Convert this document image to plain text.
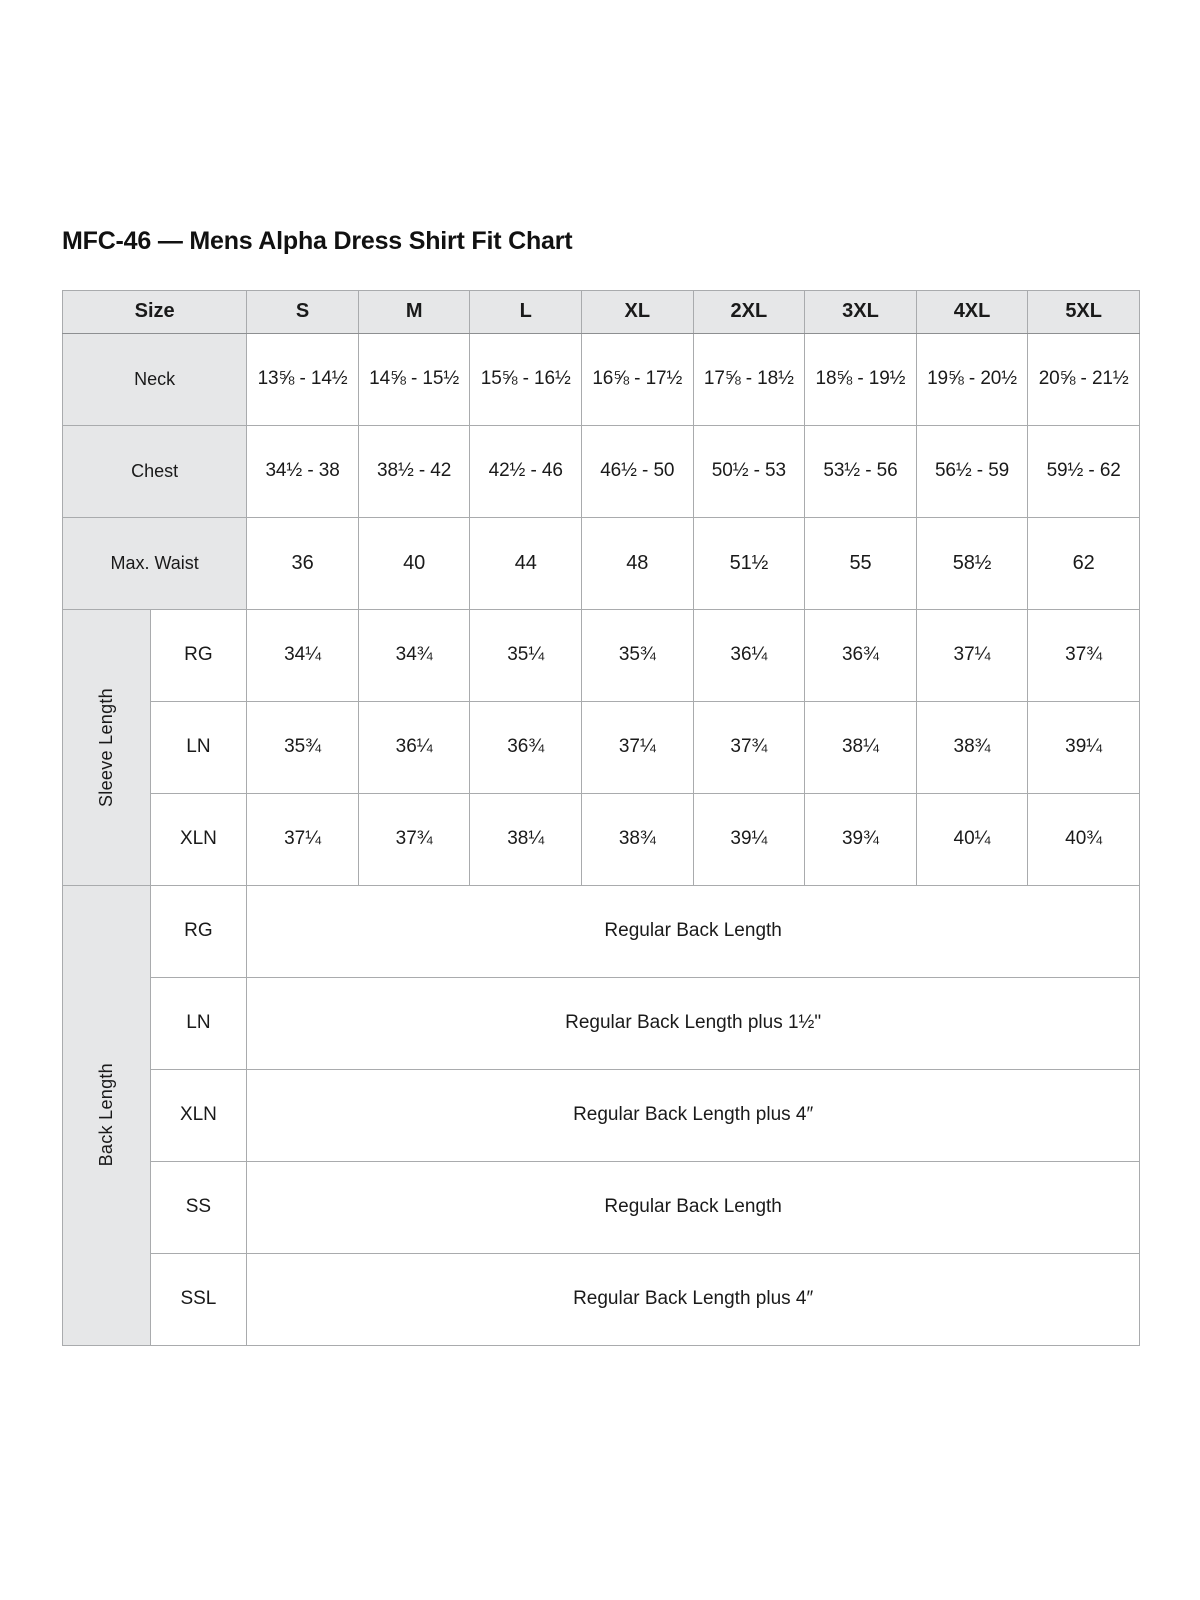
MFC-46 — Mens Alpha Dress Shirt Fit Chart
Size		S	M	L	XL	2XL	3XL	4XL	5XL
Neck		13⅝ - 14½	14⅝ - 15½	15⅝ - 16½	16⅝ - 17½	17⅝ - 18½	18⅝ - 19½	19⅝ - 20½	20⅝ - 21½
Chest		34½ - 38	38½ - 42	42½ - 46	46½ - 50	50½ - 53	53½ - 56	56½ - 59	59½ - 62
Max. Waist		36	40	44	48	51½	55	58½	62

Sleeve Length	RG	34¼	34¾	35¼	35¾	36¼	36¾	37¼	37¾
	LN	35¾	36¼	36¾	37¼	37¾	38¼	38¾	39¼
	XLN	37¼	37¾	38¼	38¾	39¼	39¾	40¼	40¾

Back Length	RG	Regular Back Length							
	LN	Regular Back Length plus 1½"							
	XLN	Regular Back Length plus 4″							
	SS	Regular Back Length							
	SSL	Regular Back Length plus 4″							
